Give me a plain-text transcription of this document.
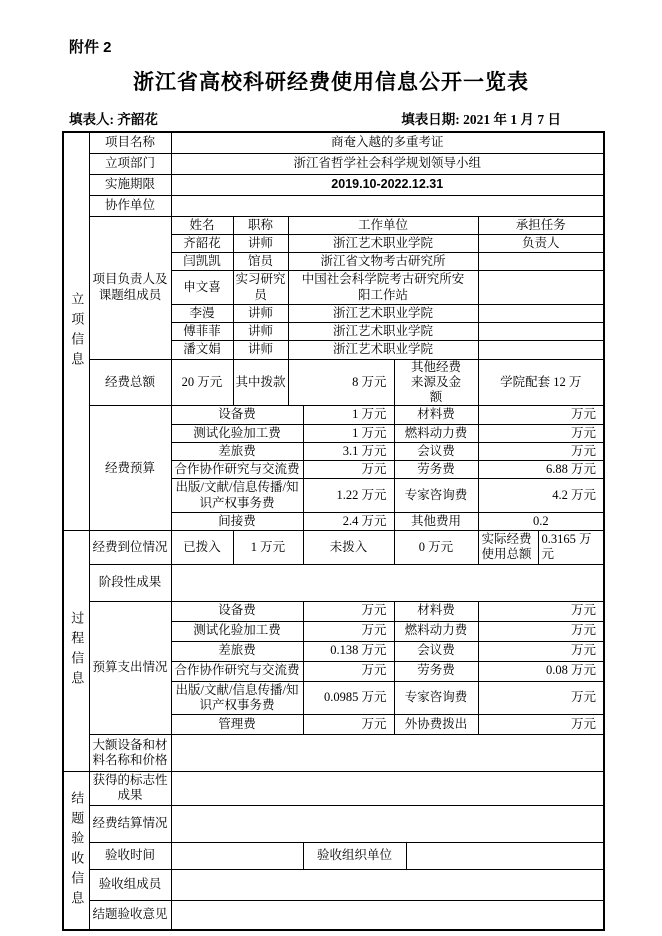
附件 2
浙江省高校科研经费使用信息公开一览表
填表人: 齐韶花	填表日期: 2021 年 1 月 7 日
立项信息	项目名称	商奄入越的多重考证							
	立项部门	浙江省哲学社会科学规划领导小组							
	实施期限	2019.10-2022.12.31							
	协作单位								
	项目负责人及课题组成员	姓名	职称	工作单位				承担任务	
		齐韶花	讲师	浙江艺术职业学院				负责人	
		闫凯凯	馆员	浙江省文物考古研究所					
		申文喜	实习研究员	中国社会科学院考古研究所安阳工作站					
		李漫	讲师	浙江艺术职业学院					
		傅菲菲	讲师	浙江艺术职业学院					
		潘文娟	讲师	浙江艺术职业学院					
	经费总额	20 万元	其中拨款	8 万元		其他经费来源及金额		学院配套 12 万	
	经费预算	设备费			1 万元	材料费		万元	
		测试化验加工费			1 万元	燃料动力费		万元	
		差旅费			3.1 万元	会议费		万元	
		合作协作研究与交流费			万元	劳务费		6.88 万元	
		出版/文献/信息传播/知识产权事务费			1.22 万元	专家咨询费		4.2 万元	
		间接费			2.4 万元	其他费用		0.2	
过程信息	经费到位情况	已拨入	1 万元		未拨入	0 万元		实际经费使用总额	0.3165 万元
	阶段性成果								
	预算支出情况	设备费			万元	材料费		万元	
		测试化验加工费			万元	燃料动力费		万元	
		差旅费			0.138 万元	会议费		万元	
		合作协作研究与交流费			万元	劳务费		0.08 万元	
		出版/文献/信息传播/知识产权事务费			0.0985 万元	专家咨询费		万元	
		管理费			万元	外协费拨出		万元	
	大额设备和材料名称和价格								
结题验收信息	获得的标志性成果								
	经费结算情况								
	验收时间				验收组织单位				
	验收组成员								
	结题验收意见								
